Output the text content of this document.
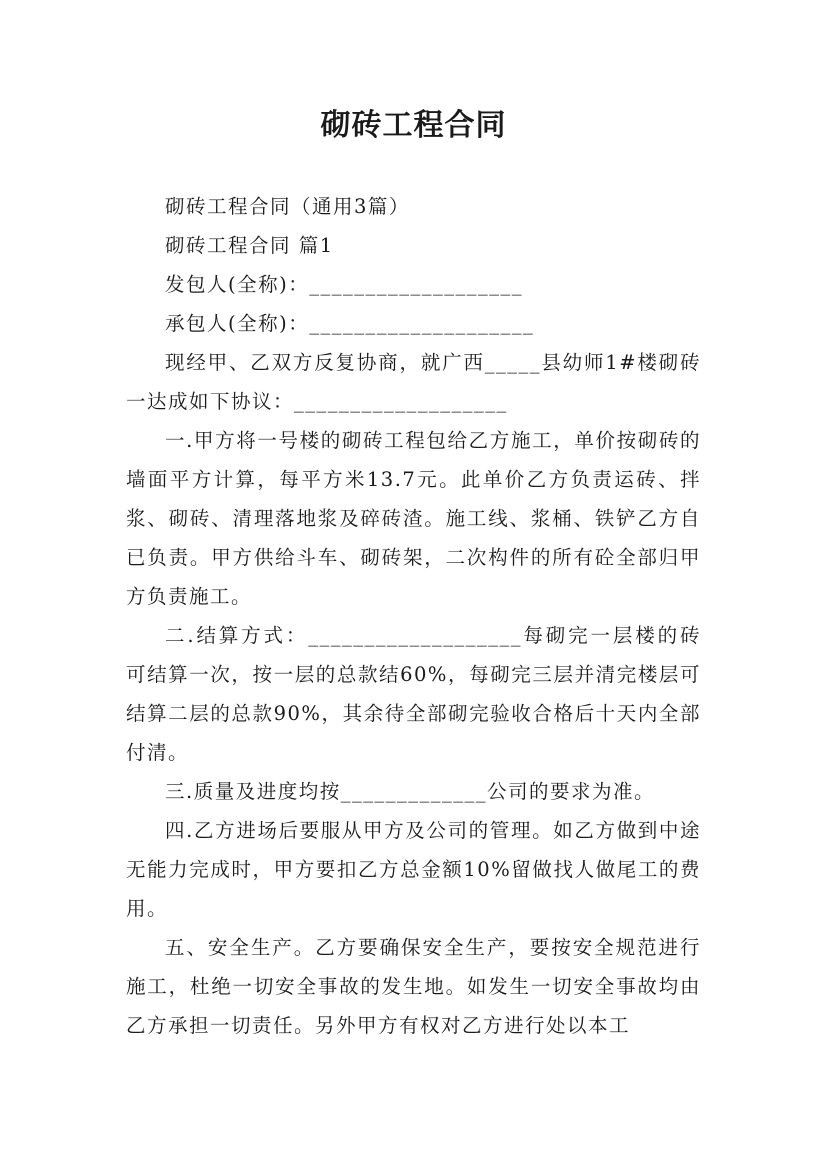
砌砖工程合同

砌砖工程合同（通用3篇）

砌砖工程合同 篇1

发包人(全称)：___________________

承包人(全称)：____________________

现经甲、乙双方反复协商，就广西_____县幼师1#楼砌砖一达成如下协议：___________________

一.甲方将一号楼的砌砖工程包给乙方施工，单价按砌砖的墙面平方计算，每平方米13.7元。此单价乙方负责运砖、拌浆、砌砖、清理落地浆及碎砖渣。施工线、浆桶、铁铲乙方自已负责。甲方供给斗车、砌砖架，二次构件的所有砼全部归甲方负责施工。

二.结算方式：___________________每砌完一层楼的砖可结算一次，按一层的总款结60%，每砌完三层并清完楼层可结算二层的总款90%，其余待全部砌完验收合格后十天内全部付清。

三.质量及进度均按_____________公司的要求为准。

四.乙方进场后要服从甲方及公司的管理。如乙方做到中途无能力完成时，甲方要扣乙方总金额10%留做找人做尾工的费用。

五、安全生产。乙方要确保安全生产，要按安全规范进行施工，杜绝一切安全事故的发生地。如发生一切安全事故均由乙方承担一切责任。另外甲方有权对乙方进行处以本工
